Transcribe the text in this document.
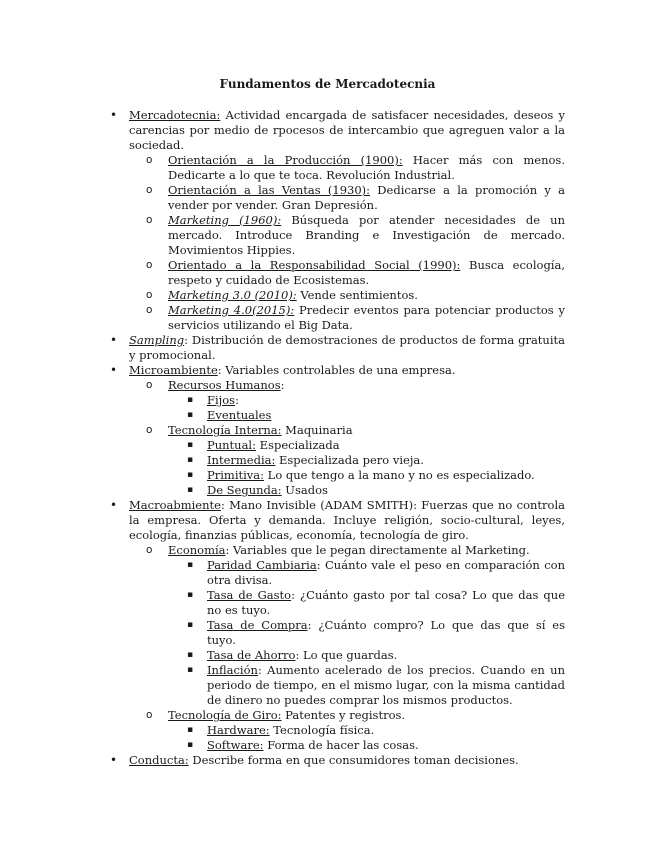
Fundamentos de Mercadotecnia
• Mercadotecnia: Actividad encargada de satisfacer necesidades, deseos y carencias por medio de rpocesos de intercambio que agreguen valor a la sociedad.
o Orientación a la Producción (1900): Hacer más con menos. Dedicarte a lo que te toca. Revolución Industrial.
o Orientación a las Ventas (1930): Dedicarse a la promoción y a vender por vender. Gran Depresión.
o Marketing (1960): Búsqueda por atender necesidades de un mercado. Introduce Branding e Investigación de mercado. Movimientos Hippies.
o Orientado a la Responsabilidad Social (1990): Busca ecología, respeto y cuidado de Ecosistemas.
o Marketing 3.0 (2010): Vende sentimientos.
o Marketing 4.0(2015): Predecir eventos para potenciar productos y servicios utilizando el Big Data.
• Sampling: Distribución de demostraciones de productos de forma gratuita y promocional.
• Microambiente: Variables controlables de una empresa.
o Recursos Humanos:
▪ Fijos:
▪ Eventuales
o Tecnología Interna: Maquinaria
▪ Puntual: Especializada
▪ Intermedia: Especializada pero vieja.
▪ Primitiva: Lo que tengo a la mano y no es especializado.
▪ De Segunda: Usados
• Macroabmiente: Mano Invisible (ADAM SMITH): Fuerzas que no controla la empresa. Oferta y demanda. Incluye religión, socio-cultural, leyes, ecología, finanzias públicas, economía, tecnología de giro.
o Economía: Variables que le pegan directamente al Marketing.
▪ Paridad Cambiaria: Cuánto vale el peso en comparación con otra divisa.
▪ Tasa de Gasto: ¿Cuánto gasto por tal cosa? Lo que das que no es tuyo.
▪ Tasa de Compra: ¿Cuánto compro? Lo que das que sí es tuyo.
▪ Tasa de Ahorro: Lo que guardas.
▪ Inflación: Aumento acelerado de los precios. Cuando en un periodo de tiempo, en el mismo lugar, con la misma cantidad de dinero no puedes comprar los mismos productos.
o Tecnología de Giro: Patentes y registros.
▪ Hardware: Tecnología física.
▪ Software: Forma de hacer las cosas.
• Conducta: Describe forma en que consumidores toman decisiones.
